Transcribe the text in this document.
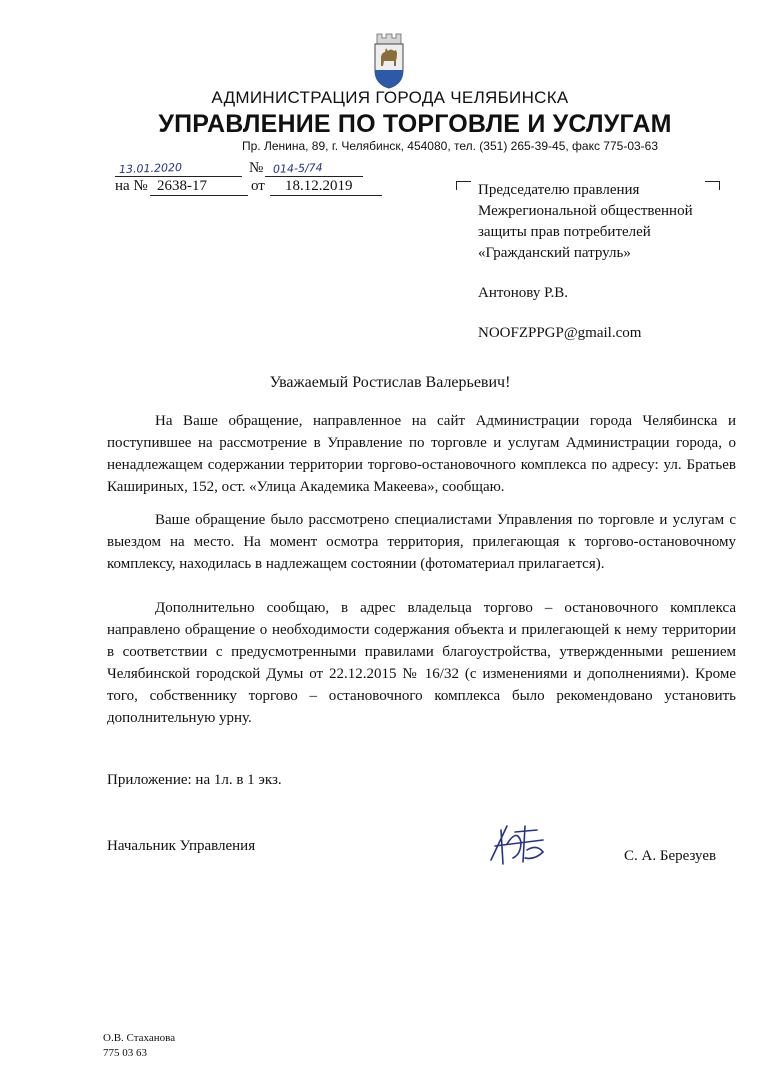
АДМИНИСТРАЦИЯ ГОРОДА ЧЕЛЯБИНСКА
УПРАВЛЕНИЕ ПО ТОРГОВЛЕ И УСЛУГАМ
Пр. Ленина, 89, г. Челябинск, 454080, тел. (351) 265-39-45, факс 775-03-63
13.01.2020	№ 014-5/74
на № 2638-17	от 18.12.2019	Председателю правления
Межрегиональной общественной
защиты прав потребителей
«Гражданский патруль»
Антонову Р.В.
NOOFZPPGP@gmail.com
Уважаемый Ростислав Валерьевич!
На Ваше обращение, направленное на сайт Администрации города Челябинска и поступившее на рассмотрение в Управление по торговле и услугам Администрации города, о ненадлежащем содержании территории торгово-остановочного комплекса по адресу: ул. Братьев Кашириных, 152, ост. «Улица Академика Макеева», сообщаю.
Ваше обращение было рассмотрено специалистами Управления по торговле и услугам с выездом на место. На момент осмотра территория, прилегающая к торгово-остановочному комплексу, находилась в надлежащем состоянии (фотоматериал прилагается).
Дополнительно сообщаю, в адрес владельца торгово – остановочного комплекса направлено обращение о необходимости содержания объекта и прилегающей к нему территории в соответствии с предусмотренными правилами благоустройства, утвержденными решением Челябинской городской Думы от 22.12.2015 № 16/32 (с изменениями и дополнениями). Кроме того, собственнику торгово – остановочного комплекса было рекомендовано установить дополнительную урну.
Приложение: на 1л. в 1 экз.
Начальник Управления
С. А. Березуев
О.В. Стаханова
775 03 63
